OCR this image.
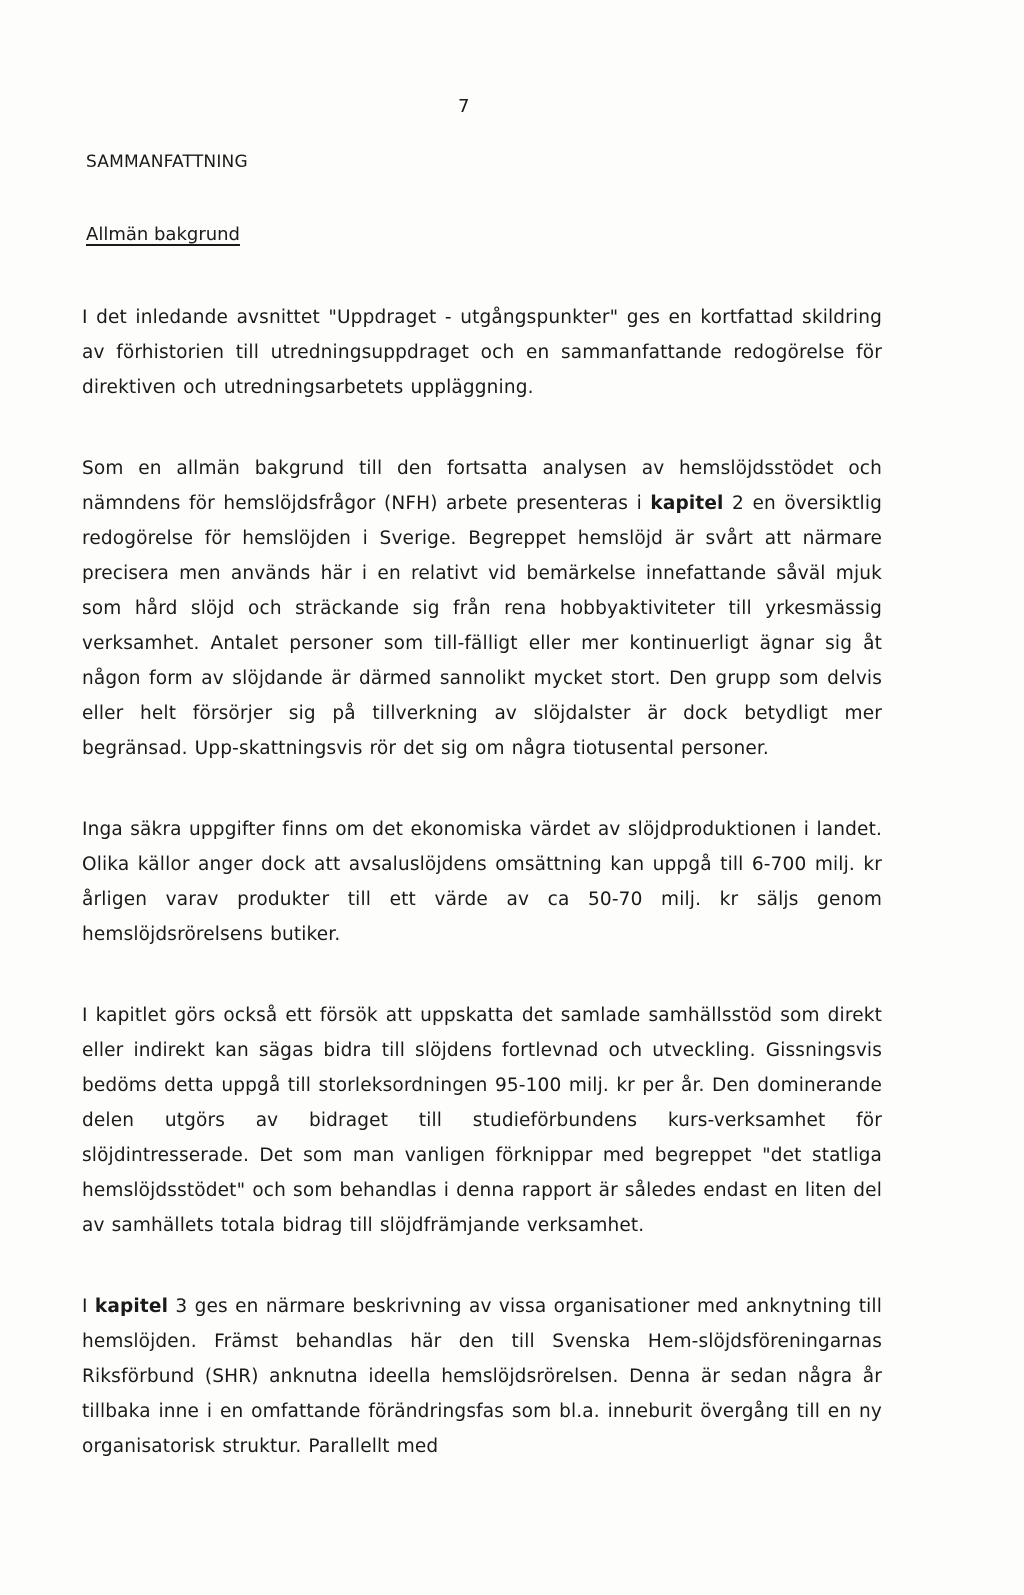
7
SAMMANFATTNING
Allmän bakgrund

I det inledande avsnittet "Uppdraget - utgångspunkter" ges en kortfattad skildring av förhistorien till utredningsuppdraget och en sammanfattande redogörelse för direktiven och utredningsarbetets uppläggning.

Som en allmän bakgrund till den fortsatta analysen av hemslöjdsstödet och nämndens för hemslöjdsfrågor (NFH) arbete presenteras i kapitel 2 en översiktlig redogörelse för hemslöjden i Sverige. Begreppet hemslöjd är svårt att närmare precisera men används här i en relativt vid bemärkelse innefattande såväl mjuk som hård slöjd och sträckande sig från rena hobbyaktiviteter till yrkesmässig verksamhet. Antalet personer som till-fälligt eller mer kontinuerligt ägnar sig åt någon form av slöjdande är därmed sannolikt mycket stort. Den grupp som delvis eller helt försörjer sig på tillverkning av slöjdalster är dock betydligt mer begränsad. Upp-skattningsvis rör det sig om några tiotusental personer.

Inga säkra uppgifter finns om det ekonomiska värdet av slöjdproduktionen i landet. Olika källor anger dock att avsaluslöjdens omsättning kan uppgå till 6-700 milj. kr årligen varav produkter till ett värde av ca 50-70 milj. kr säljs genom hemslöjdsrörelsens butiker.

I kapitlet görs också ett försök att uppskatta det samlade samhällsstöd som direkt eller indirekt kan sägas bidra till slöjdens fortlevnad och utveckling. Gissningsvis bedöms detta uppgå till storleksordningen 95-100 milj. kr per år. Den dominerande delen utgörs av bidraget till studieförbundens kurs-verksamhet för slöjdintresserade. Det som man vanligen förknippar med begreppet "det statliga hemslöjdsstödet" och som behandlas i denna rapport är således endast en liten del av samhällets totala bidrag till slöjdfrämjande verksamhet.

I kapitel 3 ges en närmare beskrivning av vissa organisationer med anknytning till hemslöjden. Främst behandlas här den till Svenska Hem-slöjdsföreningarnas Riksförbund (SHR) anknutna ideella hemslöjdsrörelsen. Denna är sedan några år tillbaka inne i en omfattande förändringsfas som bl.a. inneburit övergång till en ny organisatorisk struktur. Parallellt med
